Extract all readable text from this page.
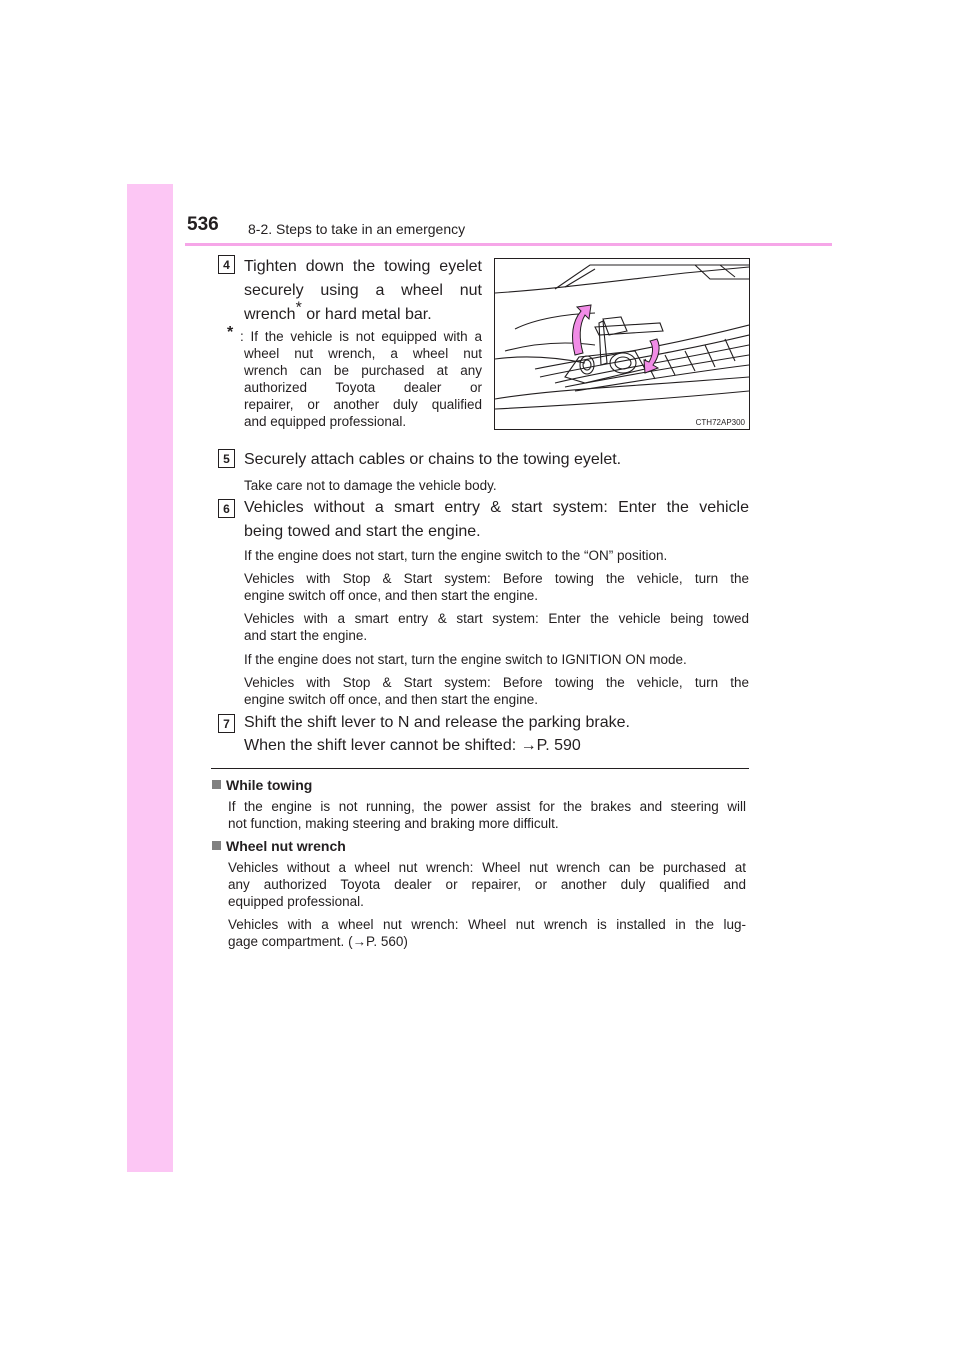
536 8-2. Steps to take in an emergency
4 Tighten down the towing eyelet
securely using a wheel nut
wrench* or hard metal bar.
* : If the vehicle is not equipped with a
wheel nut wrench, a wheel nut
wrench can be purchased at any
authorized Toyota dealer or
repairer, or another duly qualified
and equipped professional.	CTH72AP300
5 Securely attach cables or chains to the towing eyelet.
Take care not to damage the vehicle body.
6 Vehicles without a smart entry & start system: Enter the vehicle
being towed and start the engine.
If the engine does not start, turn the engine switch to the “ON” position.
Vehicles with Stop & Start system: Before towing the vehicle, turn the
engine switch off once, and then start the engine.
Vehicles with a smart entry & start system: Enter the vehicle being towed
and start the engine.
If the engine does not start, turn the engine switch to IGNITION ON mode.
Vehicles with Stop & Start system: Before towing the vehicle, turn the
engine switch off once, and then start the engine.
7 Shift the shift lever to N and release the parking brake.
When the shift lever cannot be shifted: →P. 590
While towing
If the engine is not running, the power assist for the brakes and steering will
not function, making steering and braking more difficult.
Wheel nut wrench
Vehicles without a wheel nut wrench: Wheel nut wrench can be purchased at
any authorized Toyota dealer or repairer, or another duly qualified and
equipped professional.
Vehicles with a wheel nut wrench: Wheel nut wrench is installed in the lug-
gage compartment. (→P. 560)
